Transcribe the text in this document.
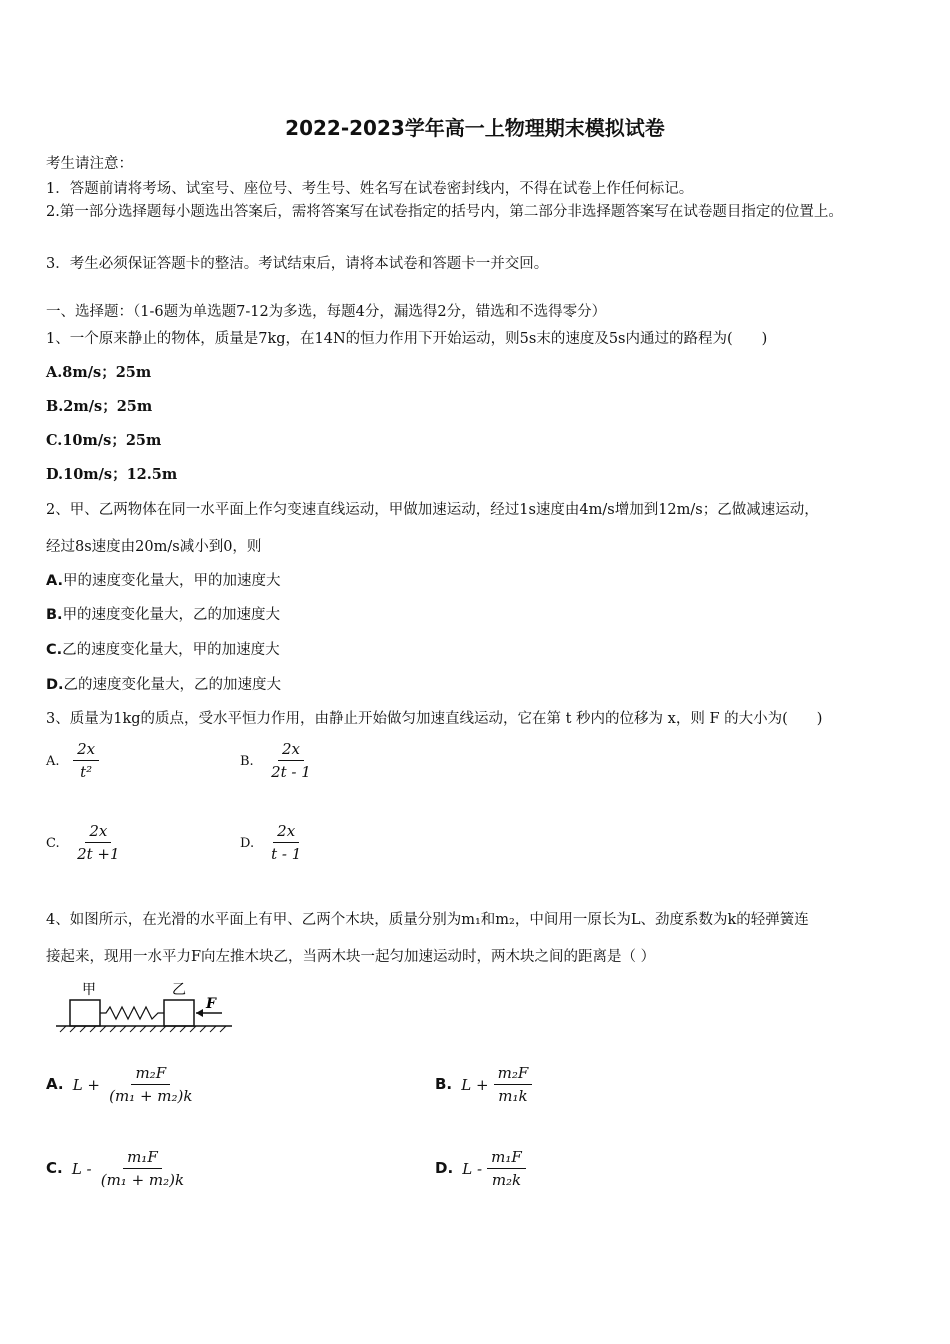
2022-2023学年高一上物理期末模拟试卷
考生请注意：
1．答题前请将考场、试室号、座位号、考生号、姓名写在试卷密封线内，不得在试卷上作任何标记。
2.第一部分选择题每小题选出答案后，需将答案写在试卷指定的括号内，第二部分非选择题答案写在试卷题目指定的位置上。
3．考生必须保证答题卡的整洁。考试结束后，请将本试卷和答题卡一并交回。
一、选择题：（1-6题为单选题7-12为多选，每题4分，漏选得2分，错选和不选得零分）
1、一个原来静止的物体，质量是7kg，在14N的恒力作用下开始运动，则5s末的速度及5s内通过的路程为(　　)
A.8m/s；25m
B.2m/s；25m
C.10m/s；25m
D.10m/s；12.5m
2、甲、乙两物体在同一水平面上作匀变速直线运动，甲做加速运动，经过1s速度由4m/s增加到12m/s；乙做减速运动，
经过8s速度由20m/s减小到0，则
A.甲的速度变化量大，甲的加速度大
B.甲的速度变化量大，乙的加速度大
C.乙的速度变化量大，甲的加速度大
D.乙的速度变化量大，乙的加速度大
3、质量为1kg的质点，受水平恒力作用，由静止开始做匀加速直线运动，它在第 t 秒内的位移为 x，则 F 的大小为(　　)
A. $\frac{2x}{\text{t²}}$	B. $\frac{2x}{2t - 1}$
C. $\frac{2x}{2t +1}$	D. $\frac{2x}{t - 1}$
4、如图所示，在光滑的水平面上有甲、乙两个木块，质量分别为m₁和m₂，中间用一原长为L、劲度系数为k的轻弹簧连
接起来，现用一水平力F向左推木块乙，当两木块一起匀加速运动时，两木块之间的距离是（ ）
甲	乙
F
A. $L + \frac{\text{m₂F}}{\text{(m₁ + m₂)k}}$	B. $L + \frac{\text{m₂F}}{\text{m₁k}}$
C. L - $\frac{\text{m₁F}}{\text{(m₁ + m₂)k}}$	D. L - $\frac{\text{m₁F}}{\text{m₂k}}$
